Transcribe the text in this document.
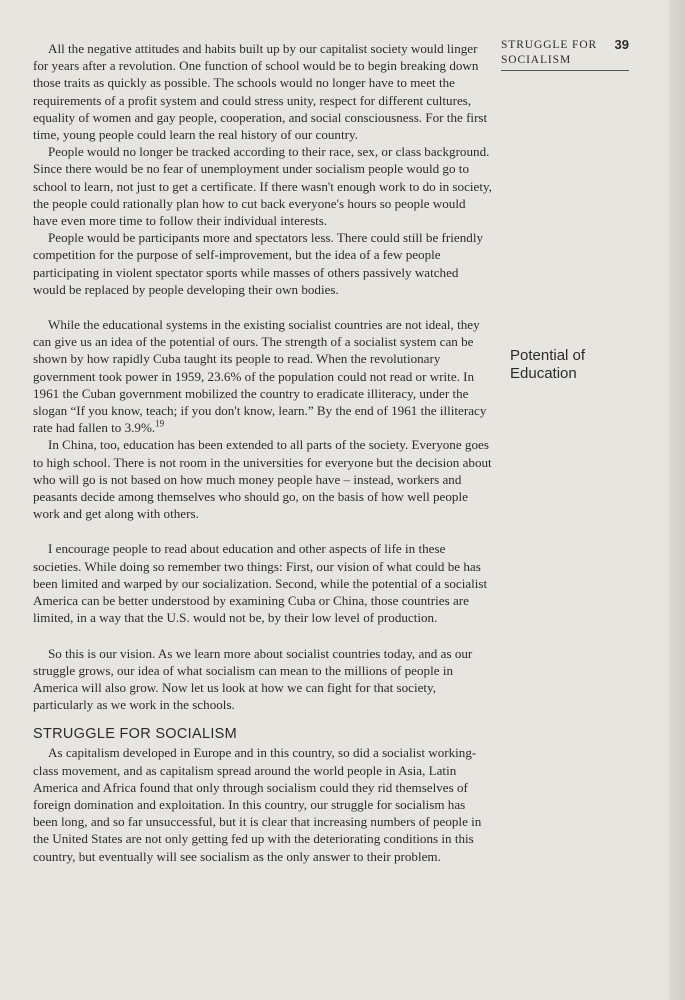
STRUGGLE FOR
SOCIALISM
39
Potential of
Education

All the negative attitudes and habits built up by our capitalist society would linger for years after a revolution. One function of school would be to begin breaking down those traits as quickly as possible. The schools would no longer have to meet the requirements of a profit system and could stress unity, respect for different cultures, equality of women and gay people, cooperation, and social consciousness. For the first time, young people could learn the real history of our country.

People would no longer be tracked according to their race, sex, or class background. Since there would be no fear of unemployment under socialism people would go to school to learn, not just to get a certificate. If there wasn't enough work to do in society, the people could rationally plan how to cut back everyone's hours so people would have even more time to follow their individual interests.

People would be participants more and spectators less. There could still be friendly competition for the purpose of self-improvement, but the idea of a few people participating in violent spectator sports while masses of others passively watched would be replaced by people developing their own bodies.

While the educational systems in the existing socialist countries are not ideal, they can give us an idea of the potential of ours. The strength of a socialist system can be shown by how rapidly Cuba taught its people to read. When the revolutionary government took power in 1959, 23.6% of the population could not read or write. In 1961 the Cuban government mobilized the country to eradicate illiteracy, under the slogan “If you know, teach; if you don't know, learn.” By the end of 1961 the illiteracy rate had fallen to 3.9%.$^{19}$

In China, too, education has been extended to all parts of the society. Everyone goes to high school. There is not room in the universities for everyone but the decision about who will go is not based on how much money people have – instead, workers and peasants decide among themselves who should go, on the basis of how well people work and get along with others.

I encourage people to read about education and other aspects of life in these societies. While doing so remember two things: First, our vision of what could be has been limited and warped by our socialization. Second, while the potential of a socialist America can be better understood by examining Cuba or China, those countries are limited, in a way that the U.S. would not be, by their low level of production.

So this is our vision. As we learn more about socialist countries today, and as our struggle grows, our idea of what socialism can mean to the millions of people in America will also grow. Now let us look at how we can fight for that society, particularly as we work in the schools.

STRUGGLE FOR SOCIALISM

As capitalism developed in Europe and in this country, so did a socialist working-class movement, and as capitalism spread around the world people in Asia, Latin America and Africa found that only through socialism could they rid themselves of foreign domination and exploitation. In this country, our struggle for socialism has been long, and so far unsuccessful, but it is clear that increasing numbers of people in the United States are not only getting fed up with the deteriorating conditions in this country, but eventually will see socialism as the only answer to their problem.
